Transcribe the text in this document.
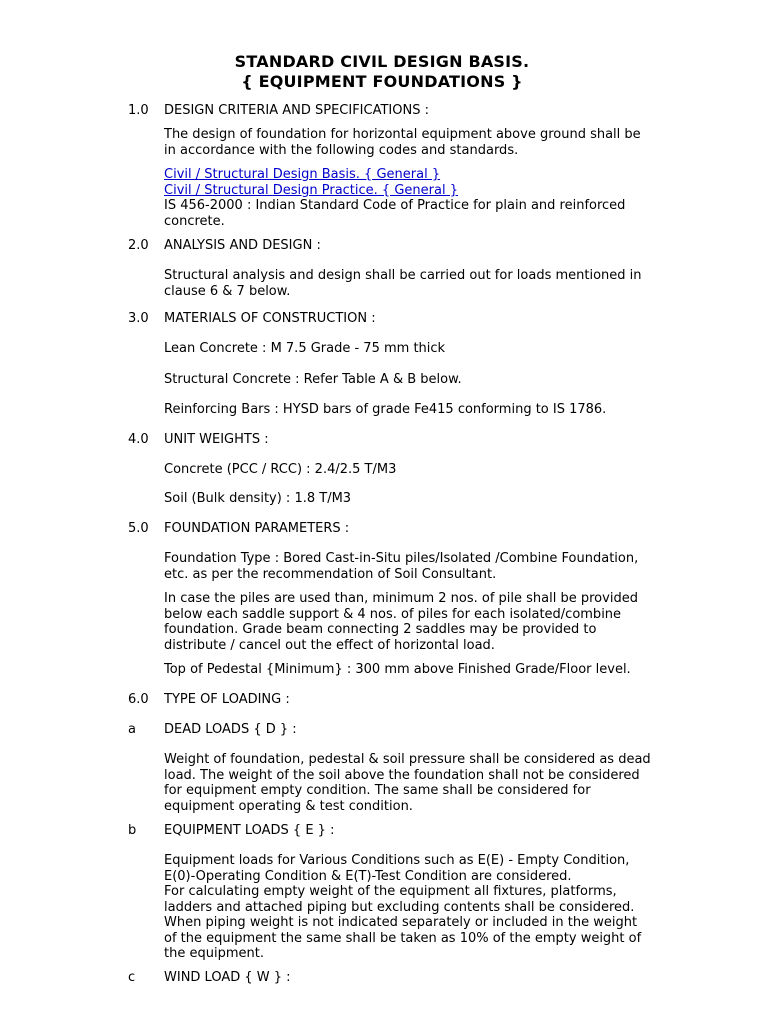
STANDARD CIVIL DESIGN BASIS.
{ EQUIPMENT FOUNDATIONS }
1.0 DESIGN CRITERIA AND SPECIFICATIONS :
The design of foundation for horizontal equipment above ground shall be
in accordance with the following codes and standards.
Civil / Structural Design Basis. { General }
Civil / Structural Design Practice. { General }
IS 456-2000 : Indian Standard Code of Practice for plain and reinforced
concrete.
2.0 ANALYSIS AND DESIGN :
Structural analysis and design shall be carried out for loads mentioned in
clause 6 & 7 below.
3.0 MATERIALS OF CONSTRUCTION :
Lean Concrete : M 7.5 Grade - 75 mm thick
Structural Concrete : Refer Table A & B below.
Reinforcing Bars : HYSD bars of grade Fe415 conforming to IS 1786.
4.0 UNIT WEIGHTS :
Concrete (PCC / RCC) : 2.4/2.5 T/M3
Soil (Bulk density) : 1.8 T/M3
5.0 FOUNDATION PARAMETERS :
Foundation Type : Bored Cast-in-Situ piles/Isolated /Combine Foundation,
etc. as per the recommendation of Soil Consultant.
In case the piles are used than, minimum 2 nos. of pile shall be provided
below each saddle support & 4 nos. of piles for each isolated/combine
foundation. Grade beam connecting 2 saddles may be provided to
distribute / cancel out the effect of horizontal load.
Top of Pedestal {Minimum} : 300 mm above Finished Grade/Floor level.
6.0 TYPE OF LOADING :
a DEAD LOADS { D } :
Weight of foundation, pedestal & soil pressure shall be considered as dead
load. The weight of the soil above the foundation shall not be considered
for equipment empty condition. The same shall be considered for
equipment operating & test condition.
b EQUIPMENT LOADS { E } :
Equipment loads for Various Conditions such as E(E) - Empty Condition,
E(0)-Operating Condition & E(T)-Test Condition are considered.
For calculating empty weight of the equipment all fixtures, platforms,
ladders and attached piping but excluding contents shall be considered.
When piping weight is not indicated separately or included in the weight
of the equipment the same shall be taken as 10% of the empty weight of
the equipment.
c WIND LOAD { W } :
